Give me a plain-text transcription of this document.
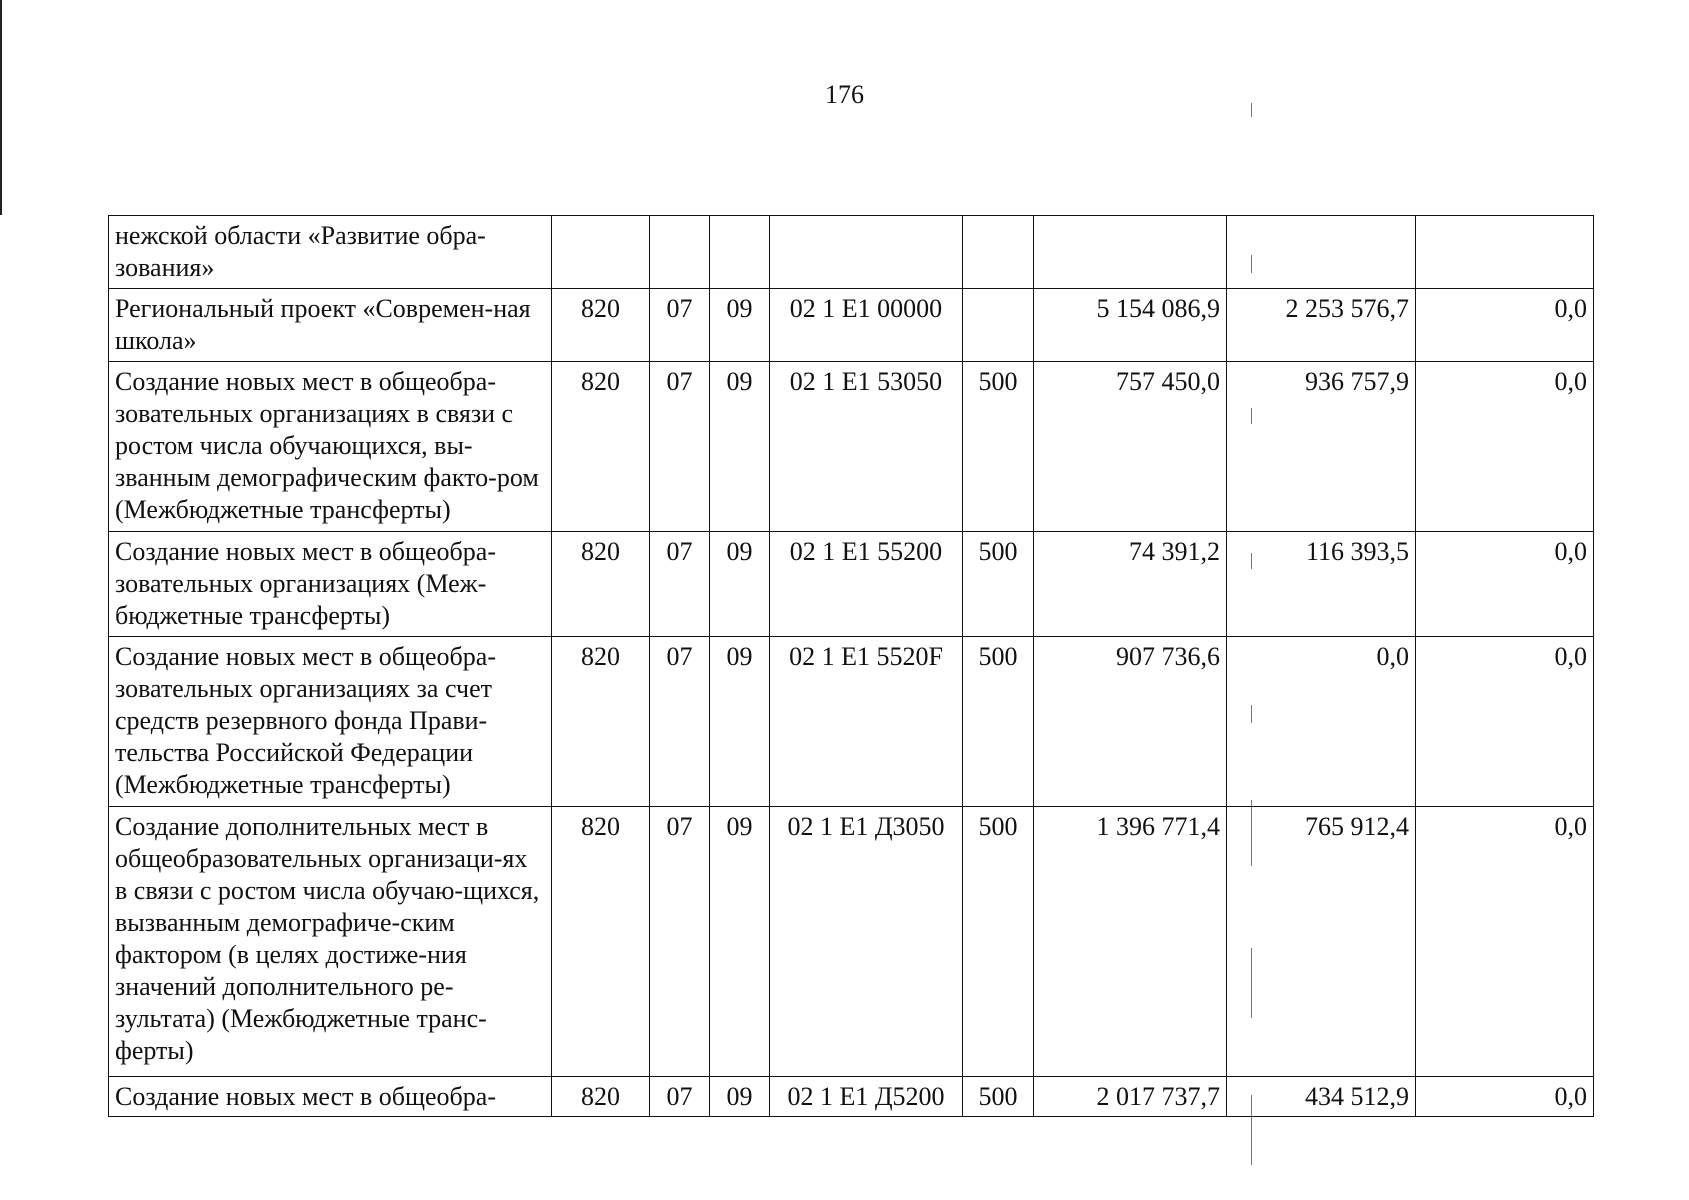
176
нежской области «Развитие обра-зования»								
Региональный проект «Современ-ная школа»	820	07	09	02 1 E1 00000		5 154 086,9	2 253 576,7	0,0
Создание новых мест в общеобра-зовательных организациях в связи с ростом числа обучающихся, вы-званным демографическим факто-ром (Межбюджетные трансферты)	820	07	09	02 1 E1 53050	500	757 450,0	936 757,9	0,0
Создание новых мест в общеобра-зовательных организациях (Меж-бюджетные трансферты)	820	07	09	02 1 E1 55200	500	74 391,2	116 393,5	0,0
Создание новых мест в общеобра-зовательных организациях за счет средств резервного фонда Прави-тельства Российской Федерации (Межбюджетные трансферты)	820	07	09	02 1 E1 5520F	500	907 736,6	0,0	0,0
Создание дополнительных мест в общеобразовательных организаци-ях в связи с ростом числа обучаю-щихся, вызванным демографиче-ским фактором (в целях достиже-ния значений дополнительного ре-зультата) (Межбюджетные транс-ферты)	820	07	09	02 1 E1 Д3050	500	1 396 771,4	765 912,4	0,0
Создание новых мест в общеобра-	820	07	09	02 1 E1 Д5200	500	2 017 737,7	434 512,9	0,0
